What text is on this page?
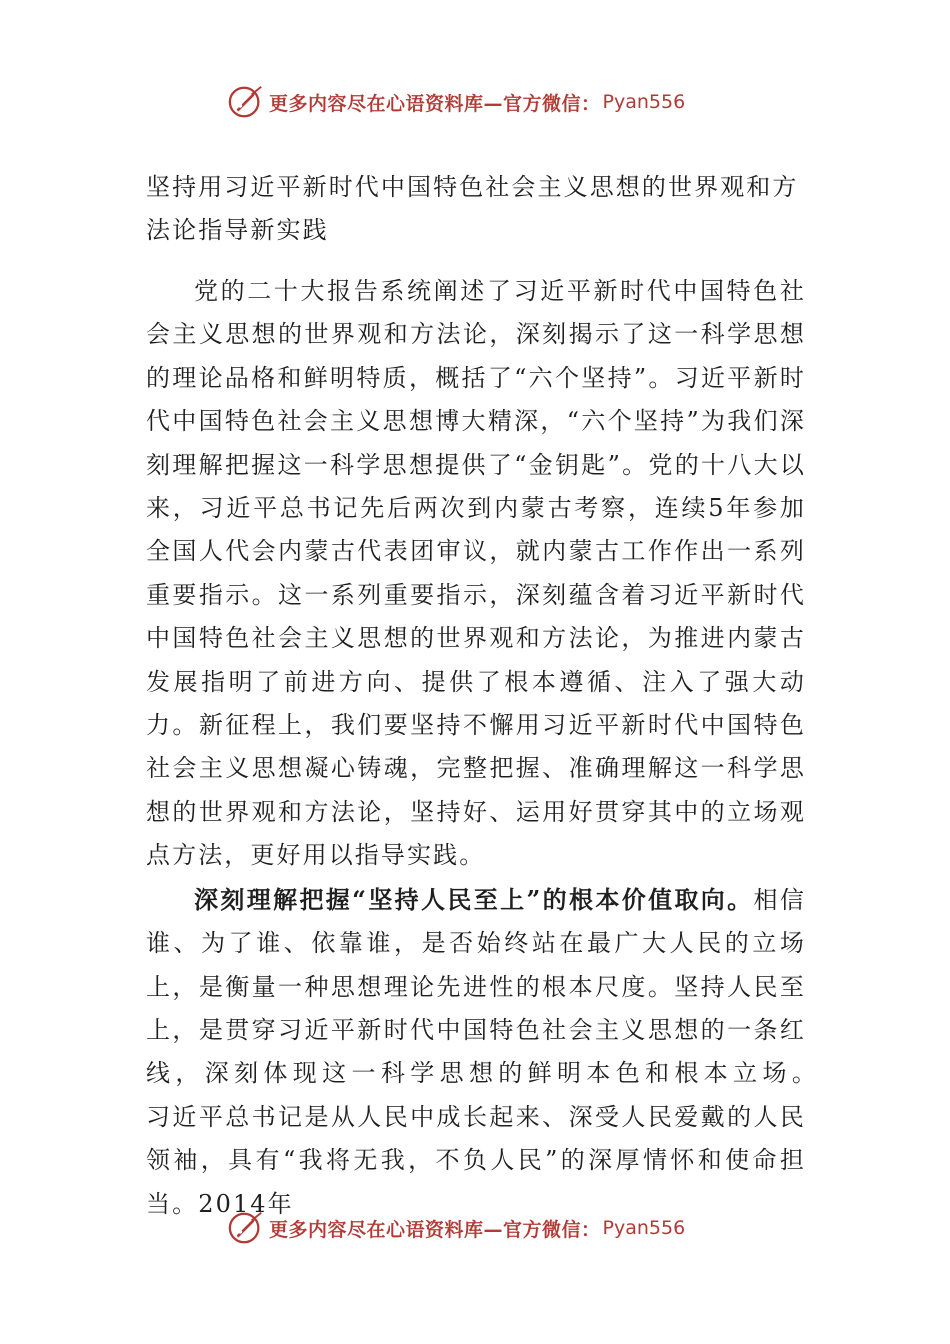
更多内容尽在心语资料库—官方微信： Pyan556

坚持用习近平新时代中国特色社会主义思想的世界观和方法论指导新实践

党的二十大报告系统阐述了习近平新时代中国特色社会主义思想的世界观和方法论，深刻揭示了这一科学思想的理论品格和鲜明特质，概括了“六个坚持”。习近平新时代中国特色社会主义思想博大精深，“六个坚持”为我们深刻理解把握这一科学思想提供了“金钥匙”。党的十八大以来，习近平总书记先后两次到内蒙古考察，连续5年参加全国人代会内蒙古代表团审议，就内蒙古工作作出一系列重要指示。这一系列重要指示，深刻蕴含着习近平新时代中国特色社会主义思想的世界观和方法论，为推进内蒙古发展指明了前进方向、提供了根本遵循、注入了强大动力。新征程上，我们要坚持不懈用习近平新时代中国特色社会主义思想凝心铸魂，完整把握、准确理解这一科学思想的世界观和方法论，坚持好、运用好贯穿其中的立场观点方法，更好用以指导实践。

深刻理解把握“坚持人民至上”的根本价值取向。相信谁、为了谁、依靠谁，是否始终站在最广大人民的立场上，是衡量一种思想理论先进性的根本尺度。坚持人民至上，是贯穿习近平新时代中国特色社会主义思想的一条红线，深刻体现这一科学思想的鲜明本色和根本立场。　　　习近平总书记是从人民中成长起来、深受人民爱戴的人民领袖，具有“我将无我，不负人民”的深厚情怀和使命担当。2014年

更多内容尽在心语资料库—官方微信： Pyan556
